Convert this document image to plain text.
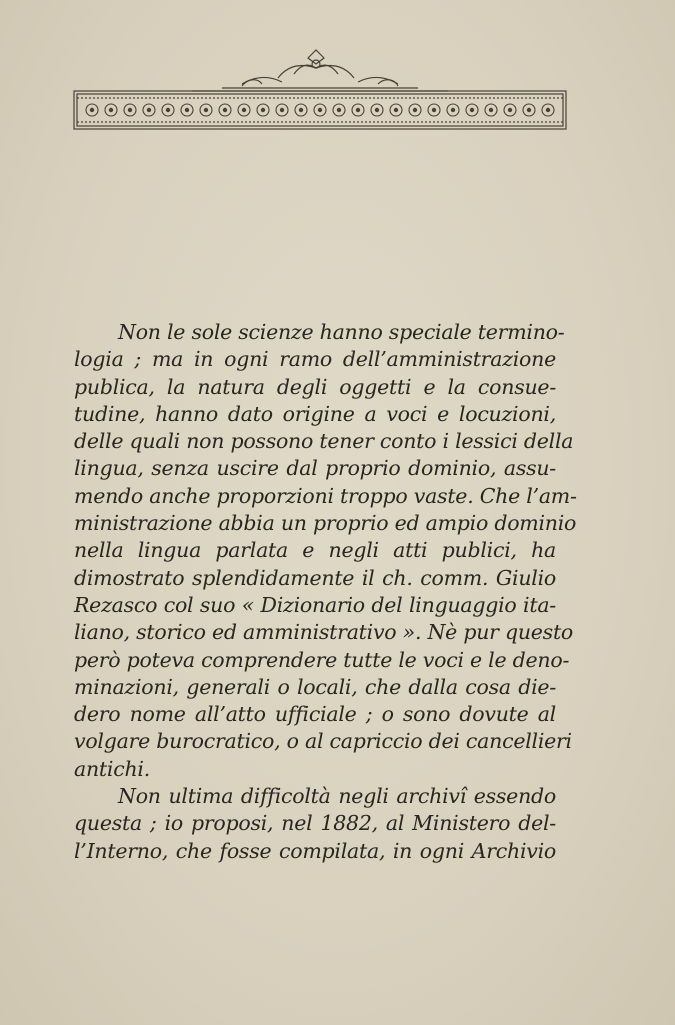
Non le sole scienze hanno speciale termino-
logia ; ma in ogni ramo dell’amministrazione
publica, la natura degli oggetti e la consue-
tudine, hanno dato origine a voci e locuzioni,
delle quali non possono tener conto i lessici della
lingua, senza uscire dal proprio dominio, assu-
mendo anche proporzioni troppo vaste. Che l’am-
ministrazione abbia un proprio ed ampio dominio
nella lingua parlata e negli atti publici, ha
dimostrato splendidamente il ch. comm. Giulio
Rezasco col suo « Dizionario del linguaggio ita-
liano, storico ed amministrativo ». Nè pur questo
però poteva comprendere tutte le voci e le deno-
minazioni, generali o locali, che dalla cosa die-
dero nome all’atto ufficiale ; o sono dovute al
volgare burocratico, o al capriccio dei cancellieri
antichi.
Non ultima difficoltà negli archivî essendo
questa ; io proposi, nel 1882, al Ministero del-
l’Interno, che fosse compilata, in ogni Archivio
